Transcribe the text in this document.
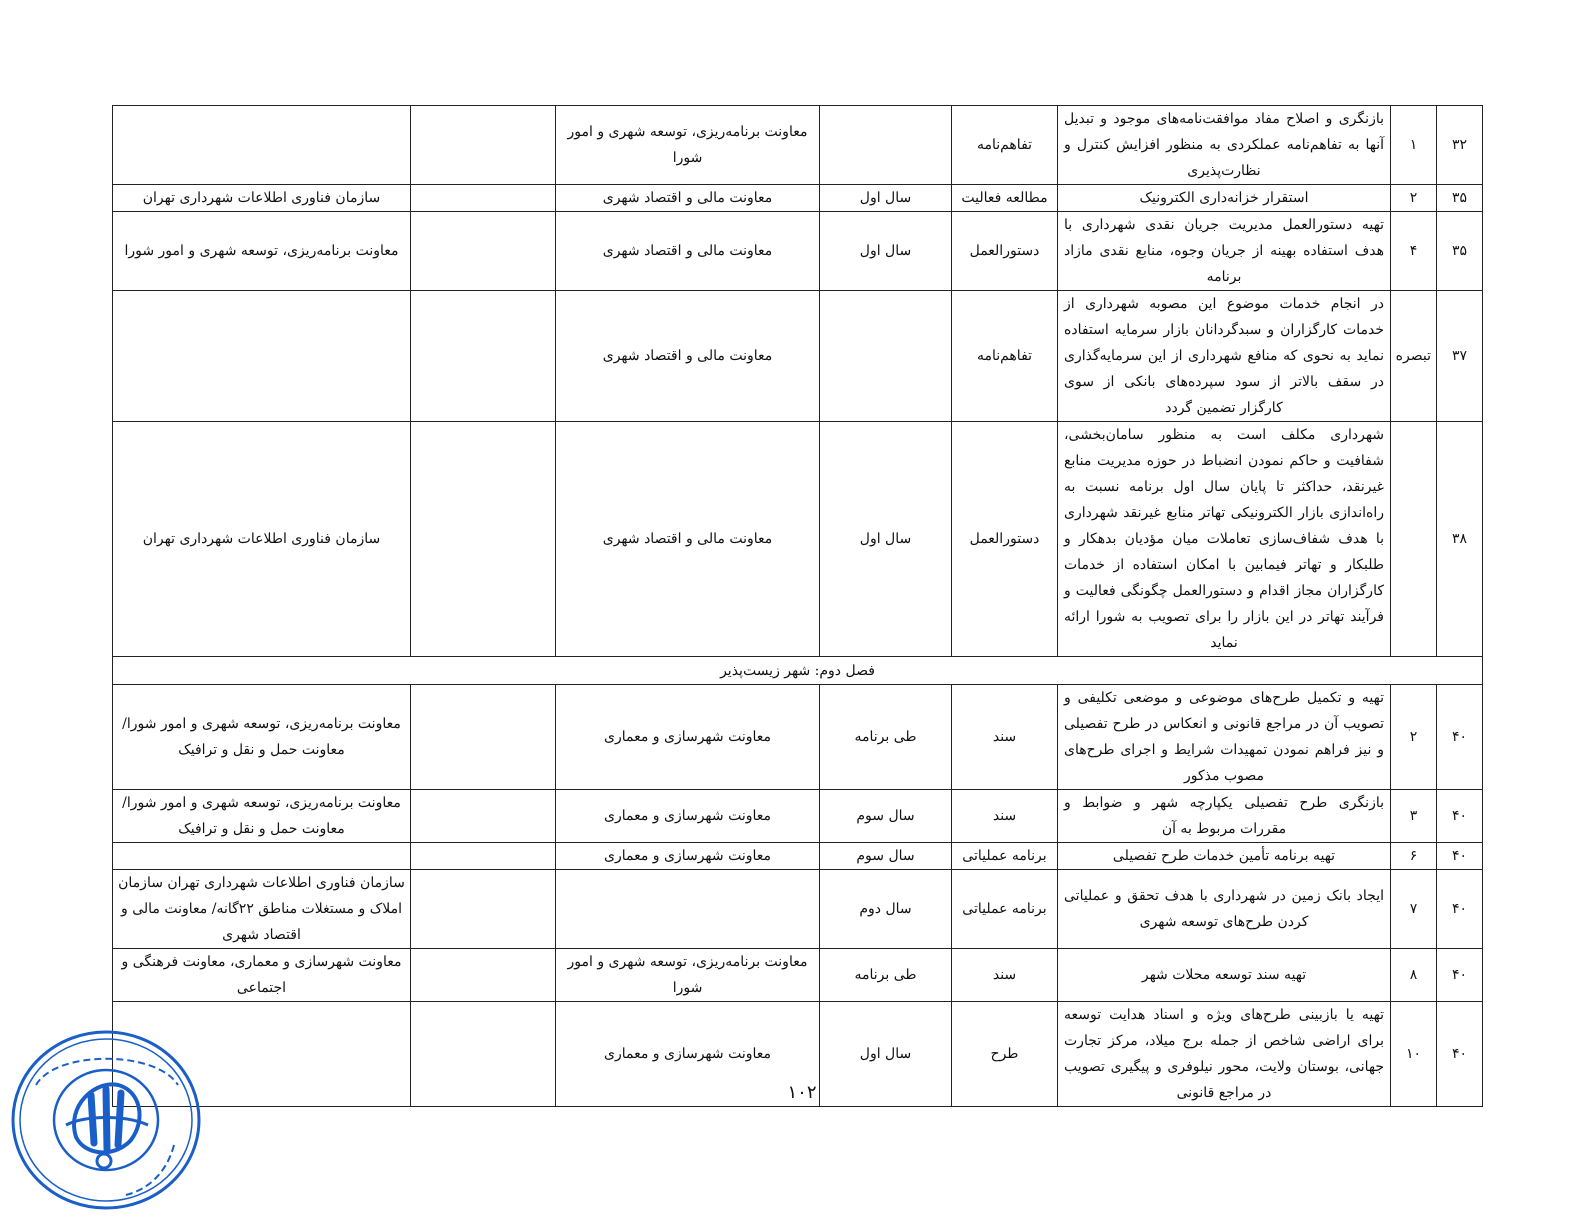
۳۲	۱	بازنگری و اصلاح مفاد موافقت‌نامه‌های موجود و تبدیل آنها به تفاهم‌نامه عملکردی به منظور افزایش کنترل و نظارت‌پذیری	تفاهم‌نامه		معاونت برنامه‌ریزی، توسعه شهری و امور شورا		
۳۵	۲	استقرار خزانه‌داری الکترونیک	مطالعه فعالیت	سال اول	معاونت مالی و اقتصاد شهری		سازمان فناوری اطلاعات شهرداری تهران
۳۵	۴	تهیه دستورالعمل مدیریت جریان نقدی شهرداری با هدف استفاده بهینه از جریان وجوه، منابع نقدی مازاد برنامه	دستورالعمل	سال اول	معاونت مالی و اقتصاد شهری		معاونت برنامه‌ریزی، توسعه شهری و امور شورا
۳۷	تبصره	در انجام خدمات موضوع این مصوبه شهرداری از خدمات کارگزاران و سبدگردانان بازار سرمایه استفاده نماید به نحوی که منافع شهرداری از این سرمایه‌گذاری در سقف بالاتر از سود سپرده‌های بانکی از سوی کارگزار تضمین گردد	تفاهم‌نامه		معاونت مالی و اقتصاد شهری		
۳۸		شهرداری مکلف است به منظور سامان‌بخشی، شفافیت و حاکم نمودن انضباط در حوزه مدیریت منابع غیرنقد، حداکثر تا پایان سال اول برنامه نسبت به راه‌اندازی بازار الکترونیکی تهاتر منابع غیرنقد شهرداری با هدف شفاف‌سازی تعاملات میان مؤدیان بدهکار و طلبکار و تهاتر فیمابین با امکان استفاده از خدمات کارگزاران مجاز اقدام و دستورالعمل چگونگی فعالیت و فرآیند تهاتر در این بازار را برای تصویب به شورا ارائه نماید	دستورالعمل	سال اول	معاونت مالی و اقتصاد شهری		سازمان فناوری اطلاعات شهرداری تهران
فصل دوم: شهر زیست‌پذیر							
۴۰	۲	تهیه و تکمیل طرح‌های موضوعی و موضعی تکلیفی و تصویب آن در مراجع قانونی و انعکاس در طرح تفصیلی و نیز فراهم نمودن تمهیدات شرایط و اجرای طرح‌های مصوب مذکور	سند	طی برنامه	معاونت شهرسازی و معماری		معاونت برنامه‌ریزی، توسعه شهری و امور شورا/ معاونت حمل و نقل و ترافیک
۴۰	۳	بازنگری طرح تفصیلی یکپارچه شهر و ضوابط و مقررات مربوط به آن	سند	سال سوم	معاونت شهرسازی و معماری		معاونت برنامه‌ریزی، توسعه شهری و امور شورا/ معاونت حمل و نقل و ترافیک
۴۰	۶	تهیه برنامه تأمین خدمات طرح تفصیلی	برنامه عملیاتی	سال سوم	معاونت شهرسازی و معماری		
۴۰	۷	ایجاد بانک زمین در شهرداری با هدف تحقق و عملیاتی کردن طرح‌های توسعه شهری	برنامه عملیاتی	سال دوم			سازمان فناوری اطلاعات شهرداری تهران سازمان املاک و مستغلات مناطق ۲۲گانه/ معاونت مالی و اقتصاد شهری
۴۰	۸	تهیه سند توسعه محلات شهر	سند	طی برنامه	معاونت برنامه‌ریزی، توسعه شهری و امور شورا		معاونت شهرسازی و معماری، معاونت فرهنگی و اجتماعی
۴۰	۱۰	تهیه یا بازبینی طرح‌های ویژه و اسناد هدایت توسعه برای اراضی شاخص از جمله برج میلاد، مرکز تجارت جهانی، بوستان ولایت، محور نیلوفری و پیگیری تصویب در مراجع قانونی	طرح	سال اول	معاونت شهرسازی و معماری		
۱۰۲
